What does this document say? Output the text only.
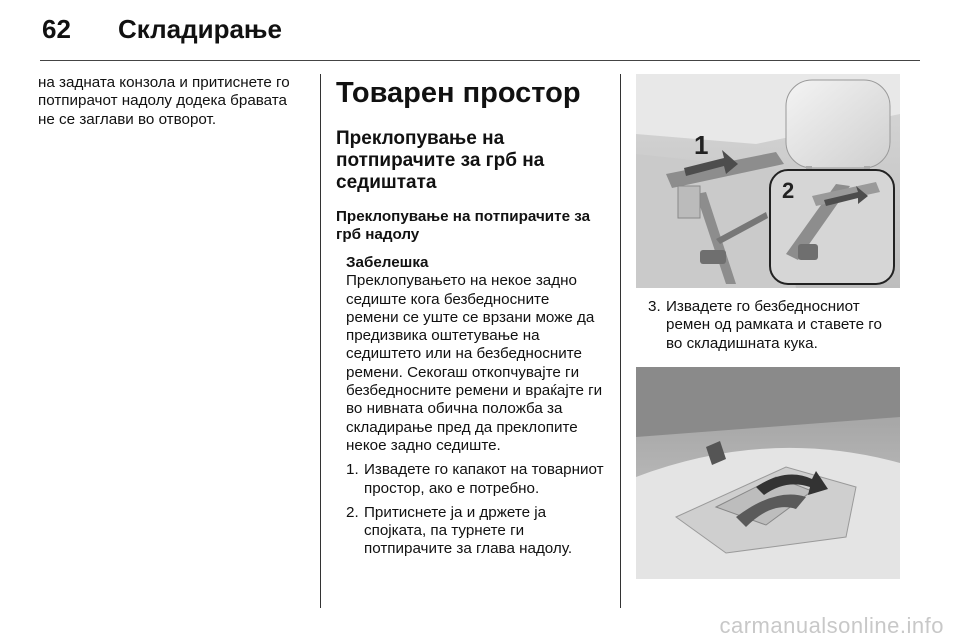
62 Складирање

на задната конзола и притиснете го потпирачот надолу додека бравата не се заглави во отворот.

Товарен простор
Преклопување на потпирачите за грб на седиштата
Преклопување на потпирачите за грб надолу
Забелешка

Преклопувањето на некое задно седиште кога безбедносните ремени се уште се врзани може да предизвика оштетување на седиштето или на безбедносните ремени. Секогаш откопчувајте ги безбедносните ремени и враќајте ги во нивната обична положба за складирање пред да преклопите некое задно седиште.

1. Извадете го капакот на товарниот простор, ако е потребно.
2. Притиснете ја и држете ја спојката, па турнете ги потпирачите за глава надолу.
1
2
3. Извадете го безбедносниот ремен од рамката и ставете го во складишната кука.
carmanualsonline.info
